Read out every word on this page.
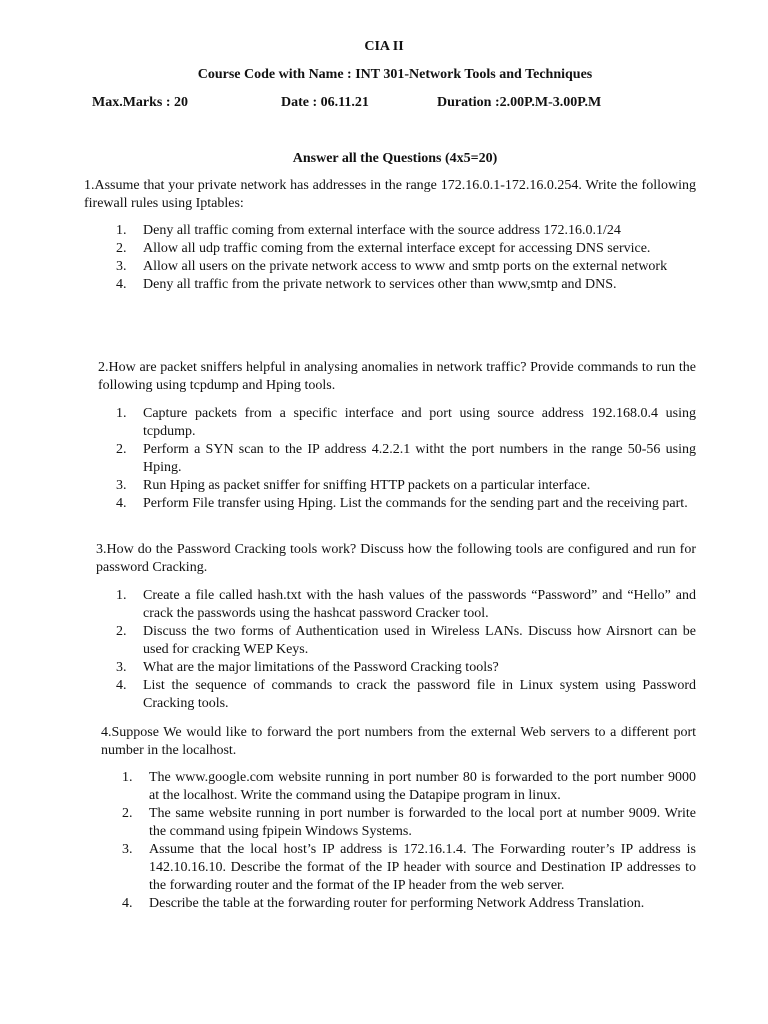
CIA II
Course Code with Name : INT 301-Network Tools and Techniques
Max.Marks : 20	Date : 06.11.21	Duration :2.00P.M-3.00P.M
Answer all the Questions (4x5=20)
1.Assume that your private network has addresses in the range 172.16.0.1-172.16.0.254. Write the following firewall rules using Iptables:
1. Deny all traffic coming from external interface with the source address 172.16.0.1/24
2. Allow all udp traffic coming from the external interface except for accessing DNS service.
3. Allow all users on the private network access to www and smtp ports on the external network
4. Deny all traffic from the private network to services other than www,smtp and DNS.
2.How are packet sniffers helpful in analysing anomalies in network traffic? Provide commands to run the following using tcpdump and Hping tools.
1. Capture packets from a specific interface and port using source address 192.168.0.4 using tcpdump.
2. Perform a SYN scan to the IP address 4.2.2.1 witht the port numbers in the range 50-56 using Hping.
3. Run Hping as packet sniffer for sniffing HTTP packets on a particular interface.
4. Perform File transfer using Hping. List the commands for the sending part and the receiving part.
3.How do the Password Cracking tools work? Discuss how the following tools are configured and run for password Cracking.
1. Create a file called hash.txt with the hash values of the passwords “Password” and “Hello” and crack the passwords using the hashcat password Cracker tool.
2. Discuss the two forms of Authentication used in Wireless LANs. Discuss how Airsnort can be used for cracking WEP Keys.
3. What are the major limitations of the Password Cracking tools?
4. List the sequence of commands to crack the password file in Linux system using Password Cracking tools.
4.Suppose We would like to forward the port numbers from the external Web servers to a different port number in the localhost.
1. The www.google.com website running in port number 80 is forwarded to the port number 9000 at the localhost. Write the command using the Datapipe program in linux.
2. The same website running in port number is forwarded to the local port at number 9009. Write the command using fpipein Windows Systems.
3. Assume that the local host’s IP address is 172.16.1.4. The Forwarding router’s IP address is 142.10.16.10. Describe the format of the IP header with source and Destination IP addresses to the forwarding router and the format of the IP header from the web server.
4. Describe the table at the forwarding router for performing Network Address Translation.
